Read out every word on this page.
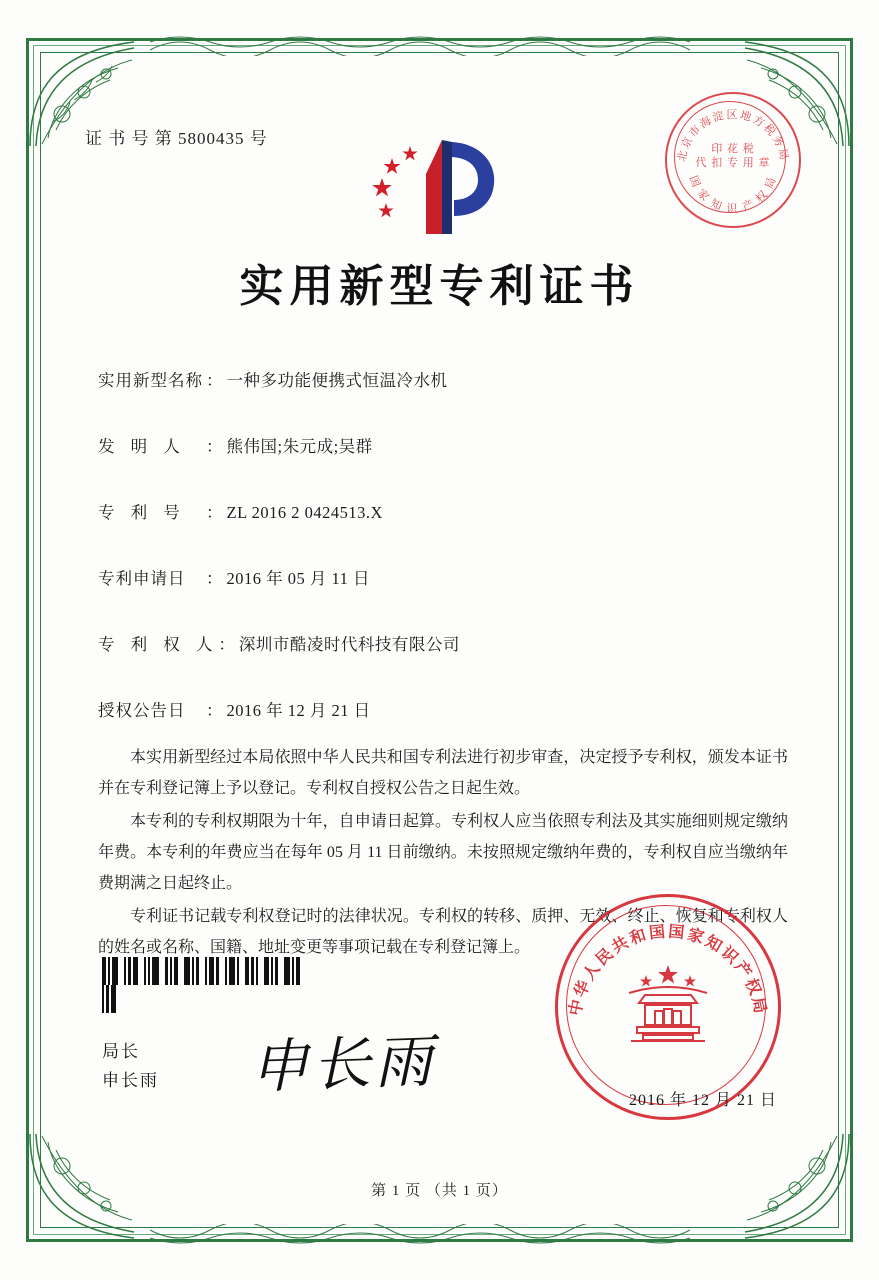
证 书 号 第 5800435 号
北京市海淀区地方税务局
国 家 知 识 产 权 局
印 花 税
代 扣 专 用 章
实用新型专利证书
实用新型名称 ： 一种多功能便携式恒温冷水机
发 明 人 ： 熊伟国;朱元成;吴群
专 利 号 ： ZL 2016 2 0424513.X
专利申请日 ： 2016 年 05 月 11 日
专 利 权 人： 深圳市酷凌时代科技有限公司
授权公告日 ： 2016 年 12 月 21 日

本实用新型经过本局依照中华人民共和国专利法进行初步审查，决定授予专利权，颁发本证书并在专利登记簿上予以登记。专利权自授权公告之日起生效。

本专利的专利权期限为十年，自申请日起算。专利权人应当依照专利法及其实施细则规定缴纳年费。本专利的年费应当在每年 05 月 11 日前缴纳。未按照规定缴纳年费的，专利权自应当缴纳年费期满之日起终止。

专利证书记载专利权登记时的法律状况。专利权的转移、质押、无效、终止、恢复和专利权人的姓名或名称、国籍、地址变更等事项记载在专利登记簿上。

局长
申长雨 申长雨
中华人民共和国国家知识产权局
2016 年 12 月 21 日
第 1 页 （共 1 页）
